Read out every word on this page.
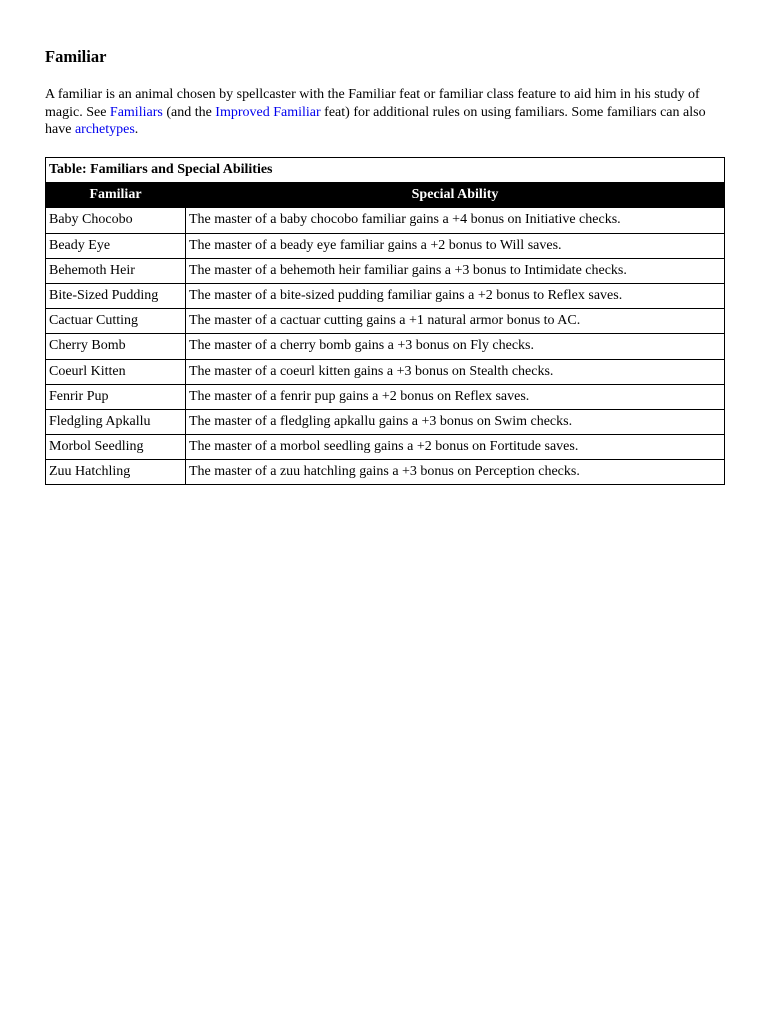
Familiar

A familiar is an animal chosen by spellcaster with the Familiar feat or familiar class feature to aid him in his study of magic. See Familiars (and the Improved Familiar feat) for additional rules on using familiars. Some familiars can also have archetypes.

Table: Familiars and Special Abilities	
Familiar	Special Ability
Baby Chocobo	The master of a baby chocobo familiar gains a +4 bonus on Initiative checks.
Beady Eye	The master of a beady eye familiar gains a +2 bonus to Will saves.
Behemoth Heir	The master of a behemoth heir familiar gains a +3 bonus to Intimidate checks.
Bite-Sized Pudding	The master of a bite-sized pudding familiar gains a +2 bonus to Reflex saves.
Cactuar Cutting	The master of a cactuar cutting gains a +1 natural armor bonus to AC.
Cherry Bomb	The master of a cherry bomb gains a +3 bonus on Fly checks.
Coeurl Kitten	The master of a coeurl kitten gains a +3 bonus on Stealth checks.
Fenrir Pup	The master of a fenrir pup gains a +2 bonus on Reflex saves.
Fledgling Apkallu	The master of a fledgling apkallu gains a +3 bonus on Swim checks.
Morbol Seedling	The master of a morbol seedling gains a +2 bonus on Fortitude saves.
Zuu Hatchling	The master of a zuu hatchling gains a +3 bonus on Perception checks.
